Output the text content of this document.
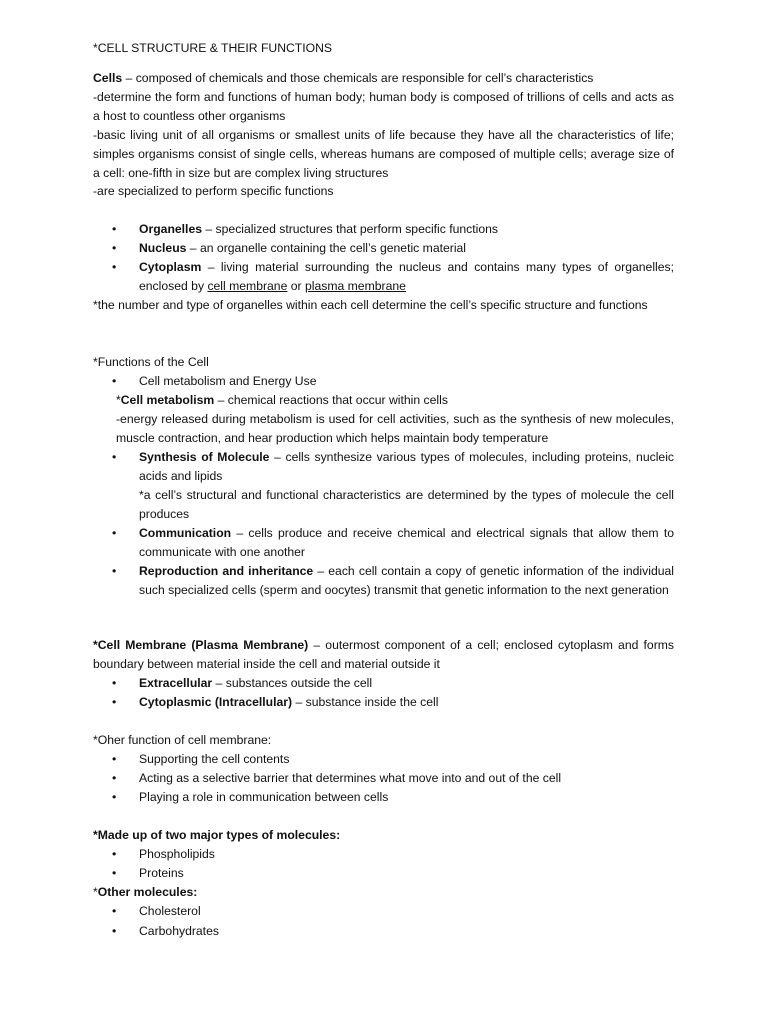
*CELL STRUCTURE & THEIR FUNCTIONS

Cells – composed of chemicals and those chemicals are responsible for cell’s characteristics

-determine the form and functions of human body; human body is composed of trillions of cells and acts as a host to countless other organisms

-basic living unit of all organisms or smallest units of life because they have all the characteristics of life; simples organisms consist of single cells, whereas humans are composed of multiple cells; average size of a cell: one-fifth in size but are complex living structures

-are specialized to perform specific functions

• Organelles – specialized structures that perform specific functions

• Nucleus – an organelle containing the cell’s genetic material

• Cytoplasm – living material surrounding the nucleus and contains many types of organelles; enclosed by cell membrane or plasma membrane

*the number and type of organelles within each cell determine the cell’s specific structure and functions

*Functions of the Cell

• Cell metabolism and Energy Use

*Cell metabolism – chemical reactions that occur within cells

-energy released during metabolism is used for cell activities, such as the synthesis of new molecules, muscle contraction, and hear production which helps maintain body temperature

• Synthesis of Molecule – cells synthesize various types of molecules, including proteins, nucleic acids and lipids

*a cell’s structural and functional characteristics are determined by the types of molecule the cell produces

• Communication – cells produce and receive chemical and electrical signals that allow them to communicate with one another

• Reproduction and inheritance – each cell contain a copy of genetic information of the individual such specialized cells (sperm and oocytes) transmit that genetic information to the next generation

*Cell Membrane (Plasma Membrane) – outermost component of a cell; enclosed cytoplasm and forms boundary between material inside the cell and material outside it

• Extracellular – substances outside the cell

• Cytoplasmic (Intracellular) – substance inside the cell

*Oher function of cell membrane:

• Supporting the cell contents

• Acting as a selective barrier that determines what move into and out of the cell

• Playing a role in communication between cells

*Made up of two major types of molecules:

• Phospholipids

• Proteins

*Other molecules:

• Cholesterol

• Carbohydrates
